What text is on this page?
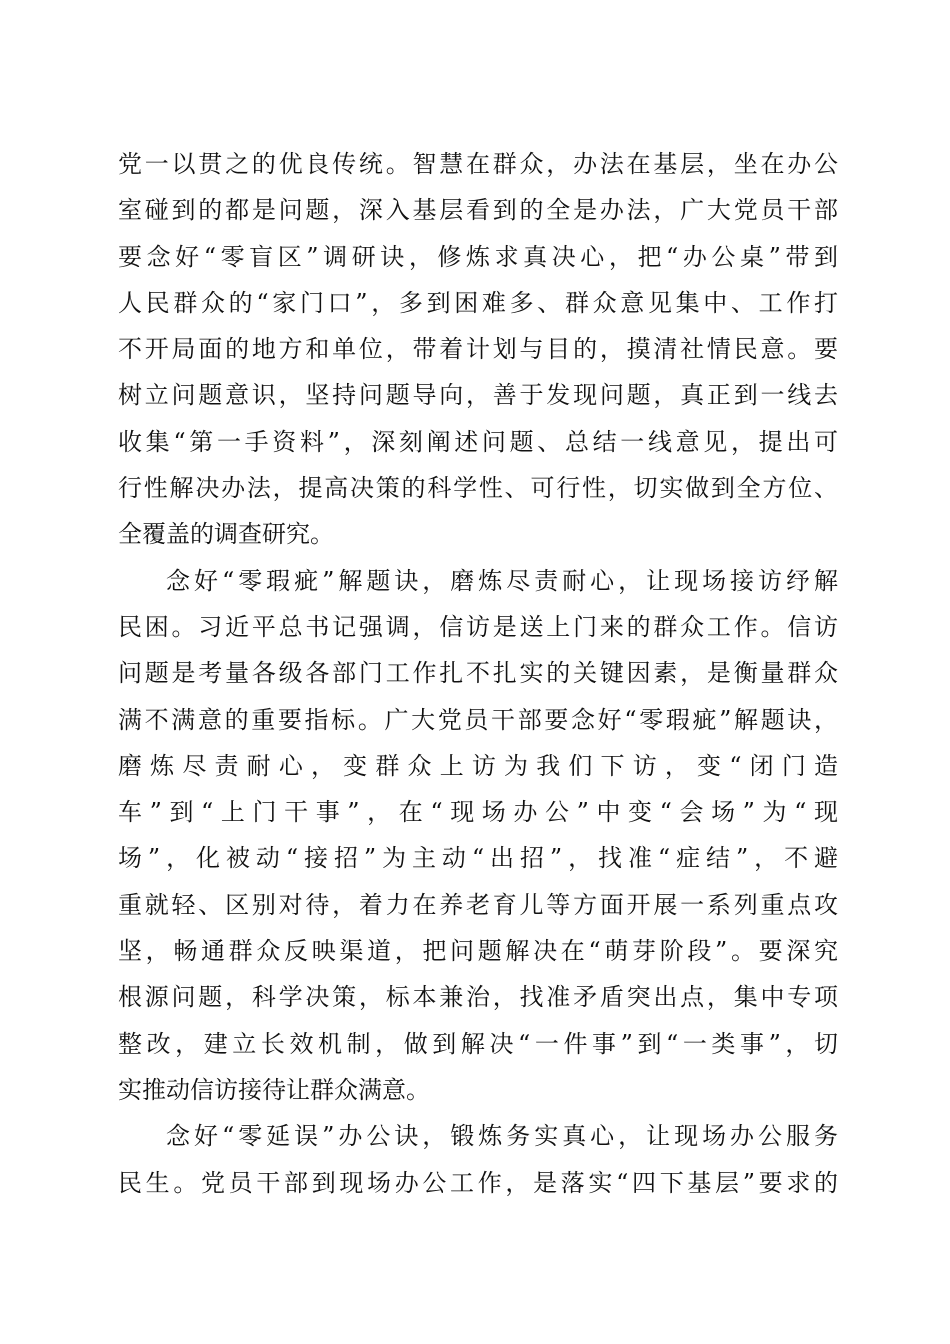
党一以贯之的优良传统。智慧在群众，办法在基层，坐在办公
室碰到的都是问题，深入基层看到的全是办法，广大党员干部
要念好“零盲区”调研诀，修炼求真决心，把“办公桌”带到
人民群众的“家门口”，多到困难多、群众意见集中、工作打
不开局面的地方和单位，带着计划与目的，摸清社情民意。要
树立问题意识，坚持问题导向，善于发现问题，真正到一线去
收集“第一手资料”，深刻阐述问题、总结一线意见，提出可
行性解决办法，提高决策的科学性、可行性，切实做到全方位、
全覆盖的调查研究。
念好“零瑕疵”解题诀，磨炼尽责耐心，让现场接访纾解
民困。习近平总书记强调，信访是送上门来的群众工作。信访
问题是考量各级各部门工作扎不扎实的关键因素，是衡量群众
满不满意的重要指标。广大党员干部要念好“零瑕疵”解题诀，
磨炼尽责耐心，变群众上访为我们下访，变“闭门造
车”到“上门干事”，在“现场办公”中变“会场”为“现
场”，化被动“接招”为主动“出招”，找准“症结”，不避
重就轻、区别对待，着力在养老育儿等方面开展一系列重点攻
坚，畅通群众反映渠道，把问题解决在“萌芽阶段”。要深究
根源问题，科学决策，标本兼治，找准矛盾突出点，集中专项
整改，建立长效机制，做到解决“一件事”到“一类事”，切
实推动信访接待让群众满意。
念好“零延误”办公诀，锻炼务实真心，让现场办公服务
民生。党员干部到现场办公工作，是落实“四下基层”要求的
